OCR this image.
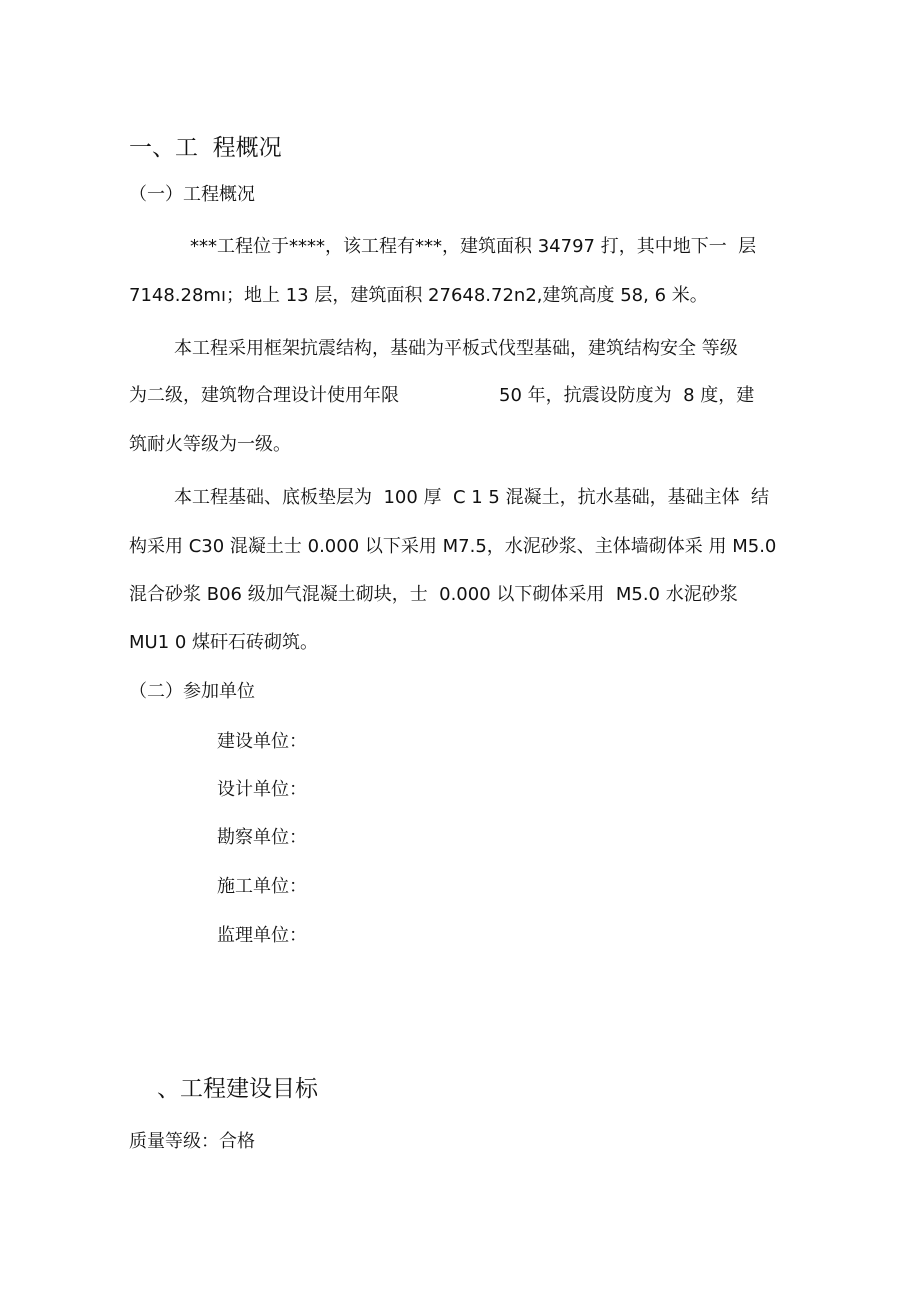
一、工  程概况
（一）工程概况
***工程位于****，该工程有***，建筑面积 34797 打，其中地下一  层
7148.28mı；地上 13 层，建筑面积 27648.72n2,建筑高度 58, 6 米。
本工程采用框架抗震结构，基础为平板式伐型基础，建筑结构安全 等级
为二级，建筑物合理设计使用年限	50 年，抗震设防度为  8 度，建
筑耐火等级为一级。
本工程基础、底板垫层为  100 厚  C 1 5 混凝土，抗水基础，基础主体  结
构采用 C30 混凝土士 0.000 以下采用 M7.5，水泥砂浆、主体墙砌体采 用 M5.0
混合砂浆 B06 级加气混凝土砌块，士  0.000 以下砌体采用  M5.0 水泥砂浆
MU1 0 煤矸石砖砌筑。
（二）参加单位
建设单位：
设计单位：
勘察单位：
施工单位：
监理单位：
、工程建设目标
质量等级：合格
